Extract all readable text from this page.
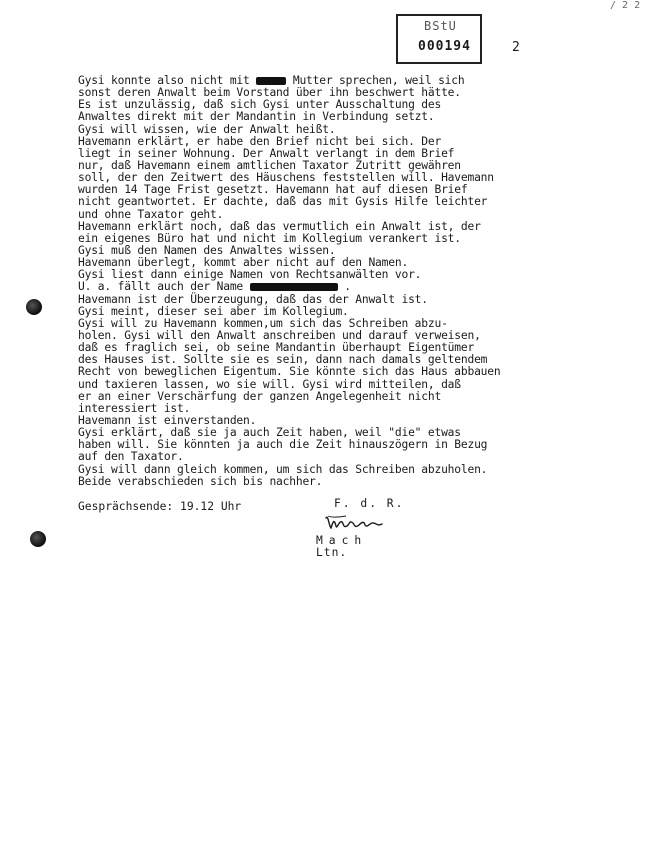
/ 2 2
BStU
000194	2
Gysi konnte also nicht mit	Mutter sprechen, weil sich
sonst deren Anwalt beim Vorstand über ihn beschwert hätte.
Es ist unzulässig, daß sich Gysi unter Ausschaltung des
Anwaltes direkt mit der Mandantin in Verbindung setzt.
Gysi will wissen, wie der Anwalt heißt.
Havemann erklärt, er habe den Brief nicht bei sich. Der
liegt in seiner Wohnung. Der Anwalt verlangt in dem Brief
nur, daß Havemann einem amtlichen Taxator Zutritt gewähren
soll, der den Zeitwert des Häuschens feststellen will. Havemann
wurden 14 Tage Frist gesetzt. Havemann hat auf diesen Brief
nicht geantwortet. Er dachte, daß das mit Gysis Hilfe leichter
und ohne Taxator geht.
Havemann erklärt noch, daß das vermutlich ein Anwalt ist, der
ein eigenes Büro hat und nicht im Kollegium verankert ist.
Gysi muß den Namen des Anwaltes wissen.
Havemann überlegt, kommt aber nicht auf den Namen.
Gysi liest dann einige Namen von Rechtsanwälten vor.
U. a. fällt auch der Name	.
Havemann ist der Überzeugung, daß das der Anwalt ist.
Gysi meint, dieser sei aber im Kollegium.
Gysi will zu Havemann kommen,um sich das Schreiben abzu-
holen. Gysi will den Anwalt anschreiben und darauf verweisen,
daß es fraglich sei, ob seine Mandantin überhaupt Eigentümer
des Hauses ist. Sollte sie es sein, dann nach damals geltendem
Recht von beweglichen Eigentum. Sie könnte sich das Haus abbauen
und taxieren lassen, wo sie will. Gysi wird mitteilen, daß
er an einer Verschärfung der ganzen Angelegenheit nicht
interessiert ist.
Havemann ist einverstanden.
Gysi erklärt, daß sie ja auch Zeit haben, weil "die" etwas
haben will. Sie könnten ja auch die Zeit hinauszögern in Bezug
auf den Taxator.
Gysi will dann gleich kommen, um sich das Schreiben abzuholen.
Beide verabschieden sich bis nachher.
Gesprächsende: 19.12 Uhr	F. d. R.
Mach
Ltn.
